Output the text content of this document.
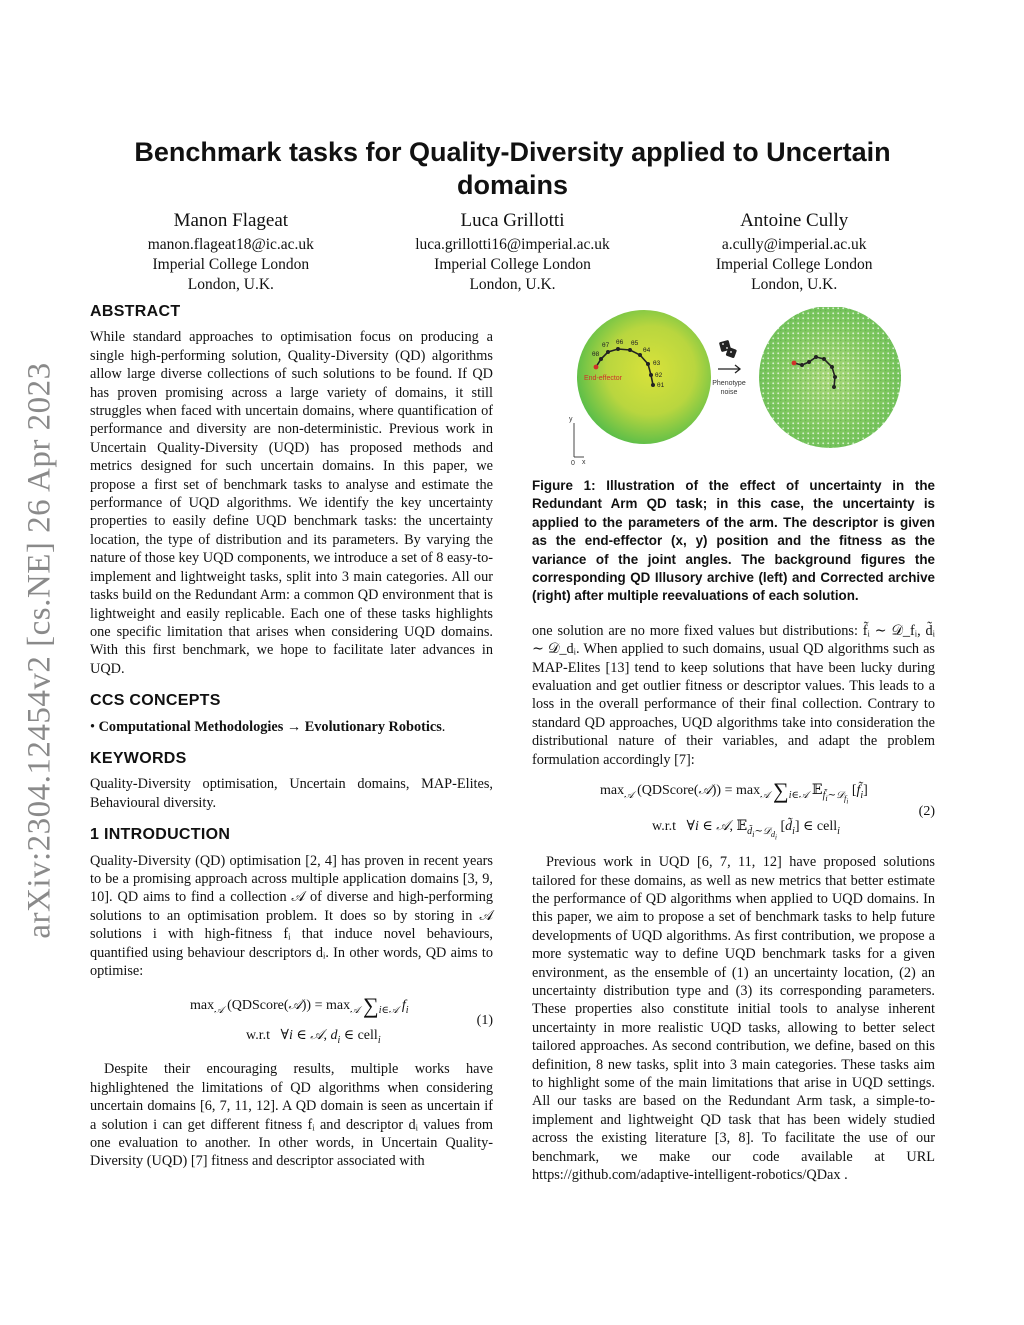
arXiv:2304.12454v2 [cs.NE] 26 Apr 2023
Benchmark tasks for Quality-Diversity applied to Uncertain domains
Manon Flageat
manon.flageat18@ic.ac.uk
Imperial College London
London, U.K.
Luca Grillotti
luca.grillotti16@imperial.ac.uk
Imperial College London
London, U.K.
Antoine Cully
a.cully@imperial.ac.uk
Imperial College London
London, U.K.
ABSTRACT

While standard approaches to optimisation focus on producing a single high-performing solution, Quality-Diversity (QD) algorithms allow large diverse collections of such solutions to be found. If QD has proven promising across a large variety of domains, it still struggles when faced with uncertain domains, where quantification of performance and diversity are non-deterministic. Previous work in Uncertain Quality-Diversity (UQD) has proposed methods and metrics designed for such uncertain domains. In this paper, we propose a first set of benchmark tasks to analyse and estimate the performance of UQD algorithms. We identify the key uncertainty properties to easily define UQD benchmark tasks: the uncertainty location, the type of distribution and its parameters. By varying the nature of those key UQD components, we introduce a set of 8 easy-to-implement and lightweight tasks, split into 3 main categories. All our tasks build on the Redundant Arm: a common QD environment that is lightweight and easily replicable. Each one of these tasks highlights one specific limitation that arises when considering UQD domains. With this first benchmark, we hope to facilitate later advances in UQD.

CCS CONCEPTS

• Computational Methodologies → Evolutionary Robotics.

KEYWORDS

Quality-Diversity optimisation, Uncertain domains, MAP-Elites, Behavioural diversity.

1 INTRODUCTION

Quality-Diversity (QD) optimisation [2, 4] has proven in recent years to be a promising approach across multiple application domains [3, 9, 10]. QD aims to find a collection 𝒜 of diverse and high-performing solutions to an optimisation problem. It does so by storing in 𝒜 solutions i with high-fitness fᵢ that induce novel behaviours, quantified using behaviour descriptors dᵢ. In other words, QD aims to optimise:

$\max_𝒜$ (QDScore(𝒜)) = $\max_𝒜 \sum_{i\in 𝒜}$ $f_i$
w.r.t   ∀i ∈ 𝒜, $d_i$ ∈ cell$_i$
(1)

Despite their encouraging results, multiple works have highlightened the limitations of QD algorithms when considering uncertain domains [6, 7, 11, 12]. A QD domain is seen as uncertain if a solution i can get different fitness fᵢ and descriptor dᵢ values from one evaluation to another. In other words, in Uncertain Quality-Diversity (UQD) [7] fitness and descriptor associated with

y
x
0
θ1
θ2
θ3
θ4
θ5
θ6
θ7
θ8
End-effector
Phenotype
noise

Figure 1: Illustration of the effect of uncertainty in the Redundant Arm QD task; in this case, the uncertainty is applied to the parameters of the arm. The descriptor is given as the end-effector (x, y) position and the fitness as the variance of the joint angles. The background figures the corresponding QD Illusory archive (left) and Corrected archive (right) after multiple reevaluations of each solution.

one solution are no more fixed values but distributions: f̃ᵢ ∼ 𝒟_fᵢ, d̃ᵢ ∼ 𝒟_dᵢ. When applied to such domains, usual QD algorithms such as MAP-Elites [13] tend to keep solutions that have been lucky during evaluation and get outlier fitness or descriptor values. This leads to a loss in the overall performance of their final collection. Contrary to standard QD approaches, UQD algorithms take into consideration the distributional nature of their variables, and adapt the problem formulation accordingly [7]:

$\max_𝒜$ (QDScore(𝒜)) = $\max_𝒜 \sum_{i\in 𝒜}$ 𝔼$_{f̃_i\sim 𝒟_{f_i}}$ $[f̃_i]$
w.r.t   ∀i ∈ 𝒜, 𝔼$_{d̃_i\sim 𝒟_{d_i}}$ $[d̃_i]$ ∈ cell$_i$
(2)

Previous work in UQD [6, 7, 11, 12] have proposed solutions tailored for these domains, as well as new metrics that better estimate the performance of QD algorithms when applied to UQD domains. In this paper, we aim to propose a set of benchmark tasks to help future developments of UQD algorithms. As first contribution, we propose a more systematic way to define UQD benchmark tasks for a given environment, as the ensemble of (1) an uncertainty location, (2) an uncertainty distribution type and (3) its corresponding parameters. These properties also constitute initial tools to analyse inherent uncertainty in more realistic UQD tasks, allowing to better select tailored approaches. As second contribution, we define, based on this definition, 8 new tasks, split into 3 main categories. These tasks aim to highlight some of the main limitations that arise in UQD settings. All our tasks are based on the Redundant Arm task, a simple-to-implement and lightweight QD task that has been widely studied across the existing literature [3, 8]. To facilitate the use of our benchmark, we make our code available at URL https://github.com/adaptive-intelligent-robotics/QDax .
